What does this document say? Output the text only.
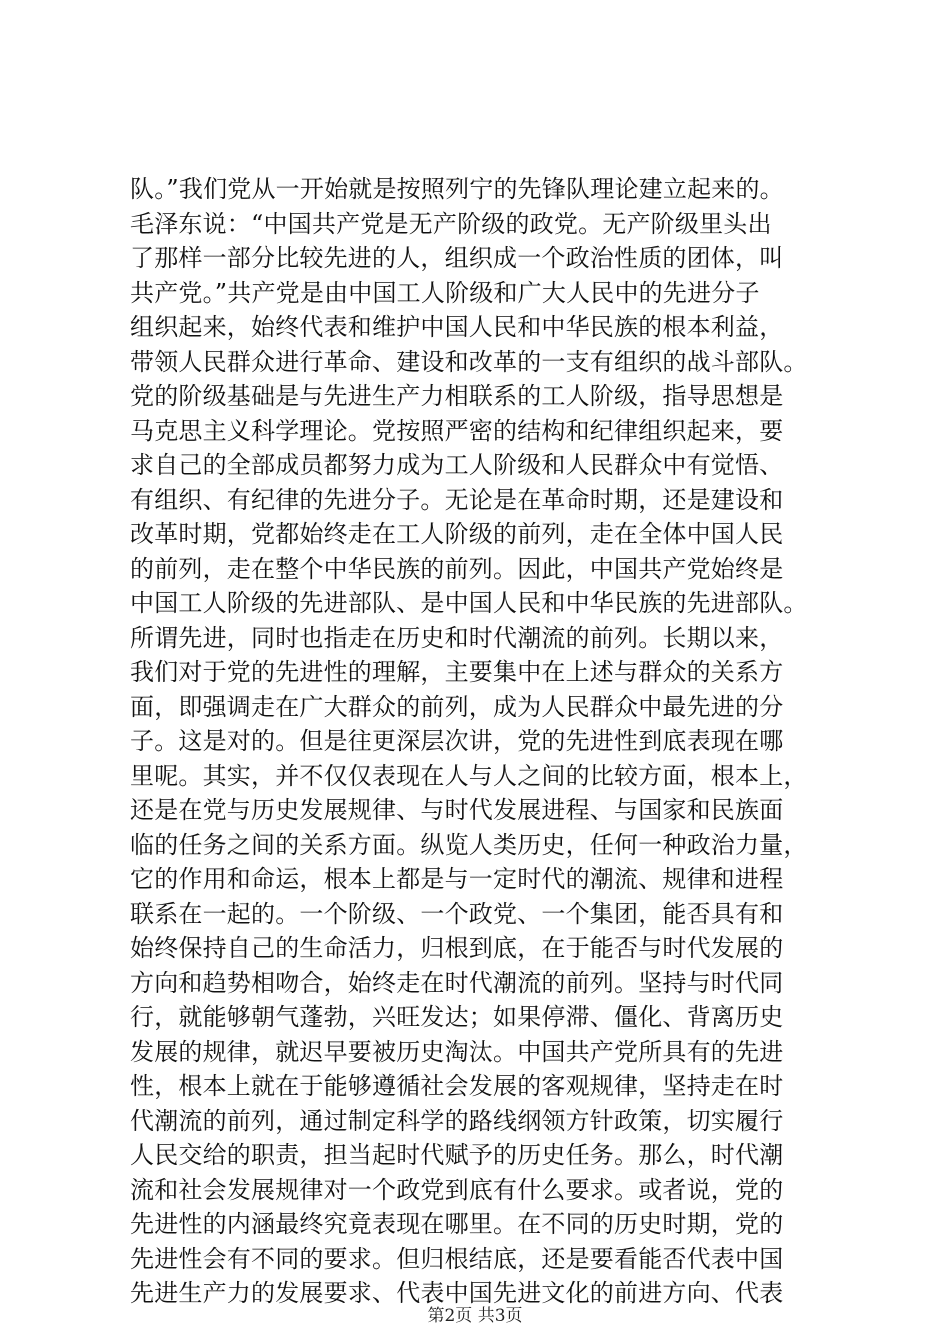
队。”我们党从一开始就是按照列宁的先锋队理论建立起来的。
毛泽东说：“中国共产党是无产阶级的政党。无产阶级里头出
了那样一部分比较先进的人，组织成一个政治性质的团体，叫
共产党。”共产党是由中国工人阶级和广大人民中的先进分子
组织起来，始终代表和维护中国人民和中华民族的根本利益，
带领人民群众进行革命、建设和改革的一支有组织的战斗部队。
党的阶级基础是与先进生产力相联系的工人阶级，指导思想是
马克思主义科学理论。党按照严密的结构和纪律组织起来，要
求自己的全部成员都努力成为工人阶级和人民群众中有觉悟、
有组织、有纪律的先进分子。无论是在革命时期，还是建设和
改革时期，党都始终走在工人阶级的前列，走在全体中国人民
的前列，走在整个中华民族的前列。因此，中国共产党始终是
中国工人阶级的先进部队、是中国人民和中华民族的先进部队。
所谓先进，同时也指走在历史和时代潮流的前列。长期以来，
我们对于党的先进性的理解，主要集中在上述与群众的关系方
面，即强调走在广大群众的前列，成为人民群众中最先进的分
子。这是对的。但是往更深层次讲，党的先进性到底表现在哪
里呢。其实，并不仅仅表现在人与人之间的比较方面，根本上，
还是在党与历史发展规律、与时代发展进程、与国家和民族面
临的任务之间的关系方面。纵览人类历史，任何一种政治力量，
它的作用和命运，根本上都是与一定时代的潮流、规律和进程
联系在一起的。一个阶级、一个政党、一个集团，能否具有和
始终保持自己的生命活力，归根到底，在于能否与时代发展的
方向和趋势相吻合，始终走在时代潮流的前列。坚持与时代同
行，就能够朝气蓬勃，兴旺发达；如果停滞、僵化、背离历史
发展的规律，就迟早要被历史淘汰。中国共产党所具有的先进
性，根本上就在于能够遵循社会发展的客观规律，坚持走在时
代潮流的前列，通过制定科学的路线纲领方针政策，切实履行
人民交给的职责，担当起时代赋予的历史任务。那么，时代潮
流和社会发展规律对一个政党到底有什么要求。或者说，党的
先进性的内涵最终究竟表现在哪里。在不同的历史时期，党的
先进性会有不同的要求。但归根结底，还是要看能否代表中国
先进生产力的发展要求、代表中国先进文化的前进方向、代表
第2页 共3页
